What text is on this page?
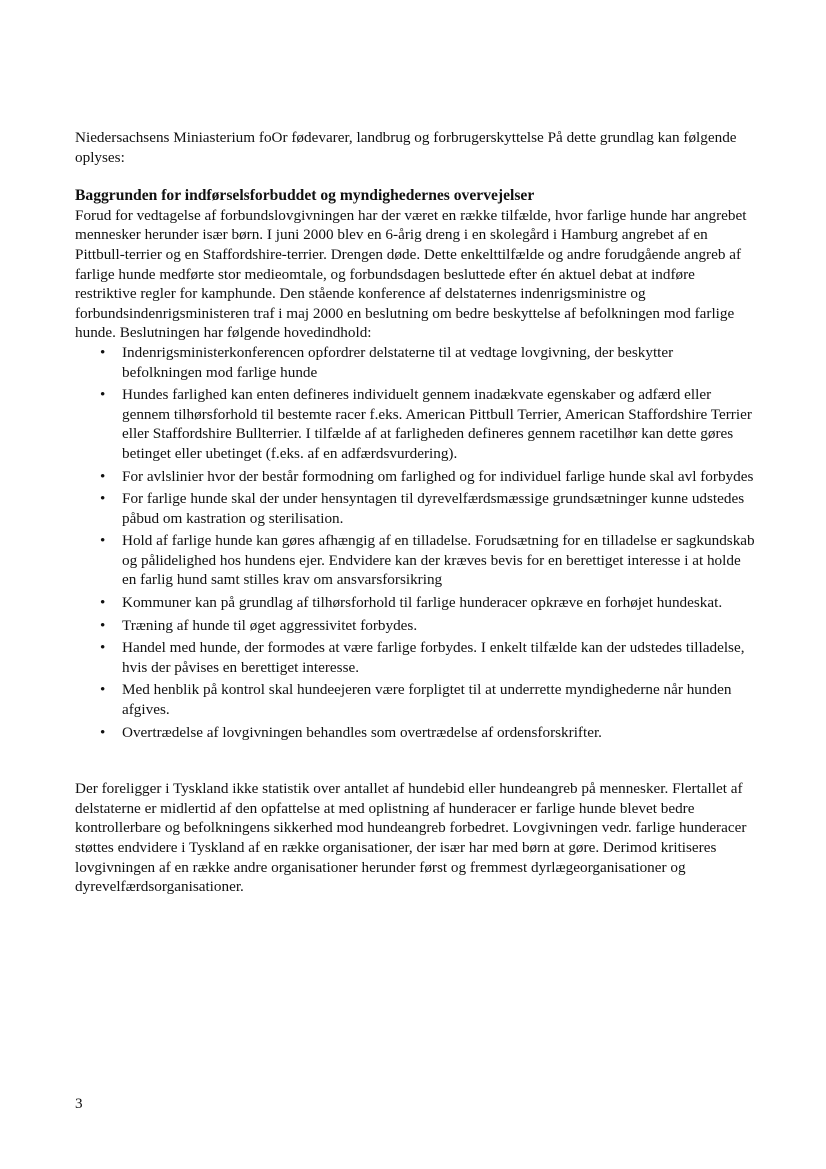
Niedersachsens Miniasterium foOr fødevarer, landbrug og forbrugerskyttelse På dette grundlag kan følgende oplyses:

Baggrunden for indførselsforbuddet og myndighedernes overvejelser

Forud for vedtagelse af forbundslovgivningen har der været en række tilfælde, hvor farlige hunde har angrebet mennesker herunder især børn. I juni 2000 blev en 6-årig dreng i en skolegård i Hamburg angrebet af en Pittbull-terrier og en Staffordshire-terrier. Drengen døde. Dette enkelttilfælde og andre forudgående angreb af farlige hunde medførte stor medieomtale, og forbundsdagen besluttede efter én aktuel debat at indføre restriktive regler for kamphunde. Den stående konference af delstaternes indenrigsministre og forbundsindenrigsministeren traf i maj 2000 en beslutning om bedre beskyttelse af befolkningen mod farlige hunde. Beslutningen har følgende hovedindhold:

• Indenrigsministerkonferencen opfordrer delstaterne til at vedtage lovgivning, der beskytter befolkningen mod farlige hunde
• Hundes farlighed kan enten defineres individuelt gennem inadækvate egenskaber og adfærd eller gennem tilhørsforhold til bestemte racer f.eks. American Pittbull Terrier, American Staffordshire Terrier eller Staffordshire Bullterrier. I tilfælde af at farligheden defineres gennem racetilhør kan dette gøres betinget eller ubetinget (f.eks. af en adfærdsvurdering).
• For avlslinier hvor der består formodning om farlighed og for individuel farlige hunde skal avl forbydes
• For farlige hunde skal der under hensyntagen til dyrevelfærdsmæssige grundsætninger kunne udstedes påbud om kastration og sterilisation.
• Hold af farlige hunde kan gøres afhængig af en tilladelse. Forudsætning for en tilladelse er sagkundskab og pålidelighed hos hundens ejer. Endvidere kan der kræves bevis for en berettiget interesse i at holde en farlig hund samt stilles krav om ansvarsforsikring
• Kommuner kan på grundlag af tilhørsforhold til farlige hunderacer opkræve en forhøjet hundeskat.
• Træning af hunde til øget aggressivitet forbydes.
• Handel med hunde, der formodes at være farlige forbydes. I enkelt tilfælde kan der udstedes tilladelse, hvis der påvises en berettiget interesse.
• Med henblik på kontrol skal hundeejeren være forpligtet til at underrette myndighederne når hunden afgives.
• Overtrædelse af lovgivningen behandles som overtrædelse af ordensforskrifter.

Der foreligger i Tyskland ikke statistik over antallet af hundebid eller hundeangreb på mennesker. Flertallet af delstaterne er midlertid af den opfattelse at med oplistning af hunderacer er farlige hunde blevet bedre kontrollerbare og befolkningens sikkerhed mod hundeangreb forbedret. Lovgivningen vedr. farlige hunderacer støttes endvidere i Tyskland af en række organisationer, der især har med børn at gøre. Derimod kritiseres lovgivningen af en række andre organisationer herunder først og fremmest dyrlægeorganisationer og dyrevelfærdsorganisationer.

3
